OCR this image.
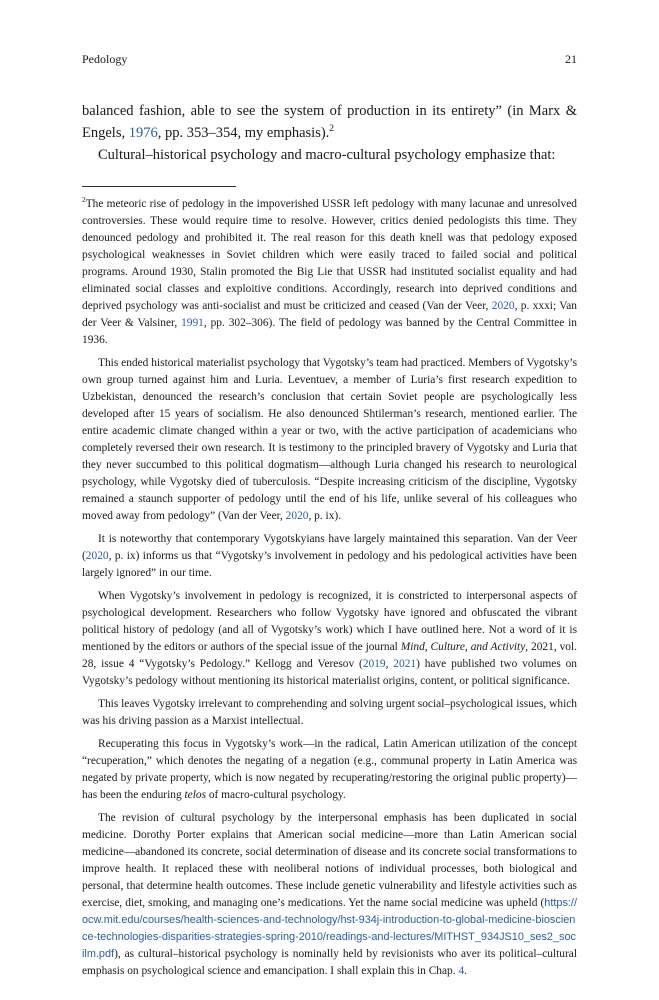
Pedology	21

balanced fashion, able to see the system of production in its entirety” (in Marx & Engels, 1976, pp. 353–354, my emphasis).$^2$

Cultural–historical psychology and macro-cultural psychology emphasize that:

$^2$The meteoric rise of pedology in the impoverished USSR left pedology with many lacunae and unresolved controversies. These would require time to resolve. However, critics denied pedologists this time. They denounced pedology and prohibited it. The real reason for this death knell was that pedology exposed psychological weaknesses in Soviet children which were easily traced to failed social and political programs. Around 1930, Stalin promoted the Big Lie that USSR had instituted socialist equality and had eliminated social classes and exploitive conditions. Accordingly, research into deprived conditions and deprived psychology was anti-socialist and must be criticized and ceased (Van der Veer, 2020, p. xxxi; Van der Veer & Valsiner, 1991, pp. 302–306). The field of pedology was banned by the Central Committee in 1936.

This ended historical materialist psychology that Vygotsky’s team had practiced. Members of Vygotsky’s own group turned against him and Luria. Leventuev, a member of Luria’s first research expedition to Uzbekistan, denounced the research’s conclusion that certain Soviet people are psychologically less developed after 15 years of socialism. He also denounced Shtilerman’s research, mentioned earlier. The entire academic climate changed within a year or two, with the active participation of academicians who completely reversed their own research. It is testimony to the principled bravery of Vygotsky and Luria that they never succumbed to this political dogmatism—although Luria changed his research to neurological psychology, while Vygotsky died of tuberculosis. “Despite increasing criticism of the discipline, Vygotsky remained a staunch supporter of pedology until the end of his life, unlike several of his colleagues who moved away from pedology” (Van der Veer, 2020, p. ix).

It is noteworthy that contemporary Vygotskyians have largely maintained this separation. Van der Veer (2020, p. ix) informs us that “Vygotsky’s involvement in pedology and his pedological activities have been largely ignored” in our time.

When Vygotsky’s involvement in pedology is recognized, it is constricted to interpersonal aspects of psychological development. Researchers who follow Vygotsky have ignored and obfuscated the vibrant political history of pedology (and all of Vygotsky’s work) which I have outlined here. Not a word of it is mentioned by the editors or authors of the special issue of the journal Mind, Culture, and Activity, 2021, vol. 28, issue 4 “Vygotsky’s Pedology.” Kellogg and Veresov (2019, 2021) have published two volumes on Vygotsky’s pedology without mentioning its historical materialist origins, content, or political significance.

This leaves Vygotsky irrelevant to comprehending and solving urgent social–psychological issues, which was his driving passion as a Marxist intellectual.

Recuperating this focus in Vygotsky’s work—in the radical, Latin American utilization of the concept “recuperation,” which denotes the negating of a negation (e.g., communal property in Latin America was negated by private property, which is now negated by recuperating/restoring the original public property)—has been the enduring telos of macro-cultural psychology.

The revision of cultural psychology by the interpersonal emphasis has been duplicated in social medicine. Dorothy Porter explains that American social medicine—more than Latin American social medicine—abandoned its concrete, social determination of disease and its concrete social transformations to improve health. It replaced these with neoliberal notions of individual processes, both biological and personal, that determine health outcomes. These include genetic vulnerability and lifestyle activities such as exercise, diet, smoking, and managing one’s medications. Yet the name social medicine was upheld (https://ocw.mit.edu/courses/health-sciences-and-technology/hst-934j-introduction-to-global-medicine-bioscience-technologies-disparities-strategies-spring-2010/readings-and-lectures/MITHST_934JS10_ses2_socilm.pdf), as cultural–historical psychology is nominally held by revisionists who aver its political–cultural emphasis on psychological science and emancipation. I shall explain this in Chap. 4.
